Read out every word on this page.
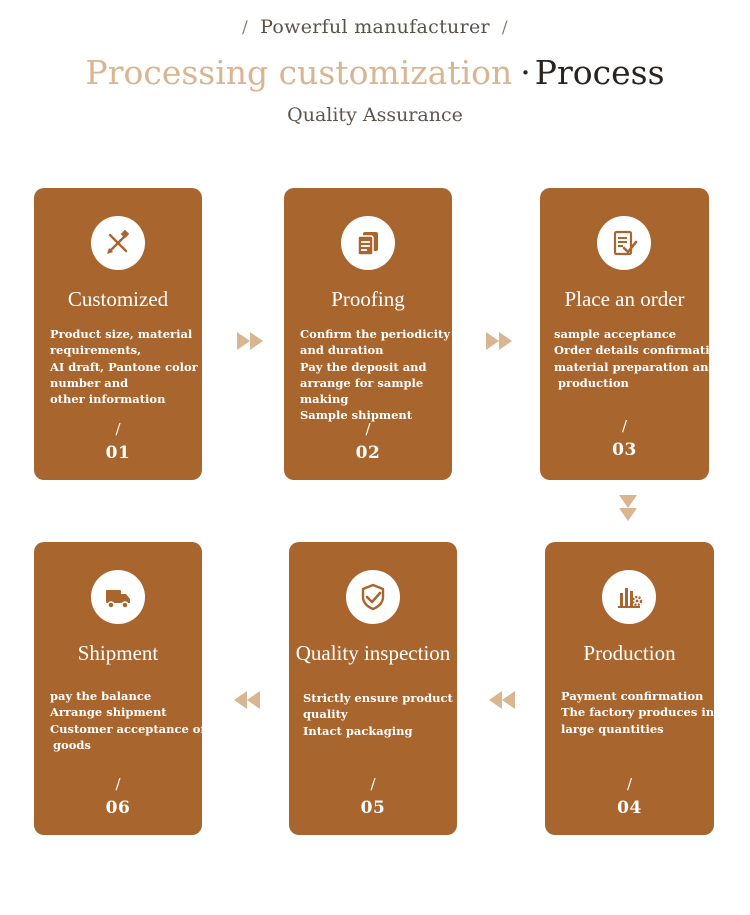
/ Powerful manufacturer /
Processing customization · Process
Quality Assurance
Customized
Product size, material
requirements,
AI draft, Pantone color
number and
other information
/
01
Proofing
Confirm the periodicity
and duration
Pay the deposit and
arrange for sample
making
Sample shipment
/
02
Place an order
sample acceptance
Order details confirmation
material preparation and
production
/
03
Production
Payment confirmation
The factory produces in
large quantities
/
04
Quality inspection
Strictly ensure product
quality
Intact packaging
/
05
Shipment
pay the balance
Arrange shipment
Customer acceptance of
goods
/
06
